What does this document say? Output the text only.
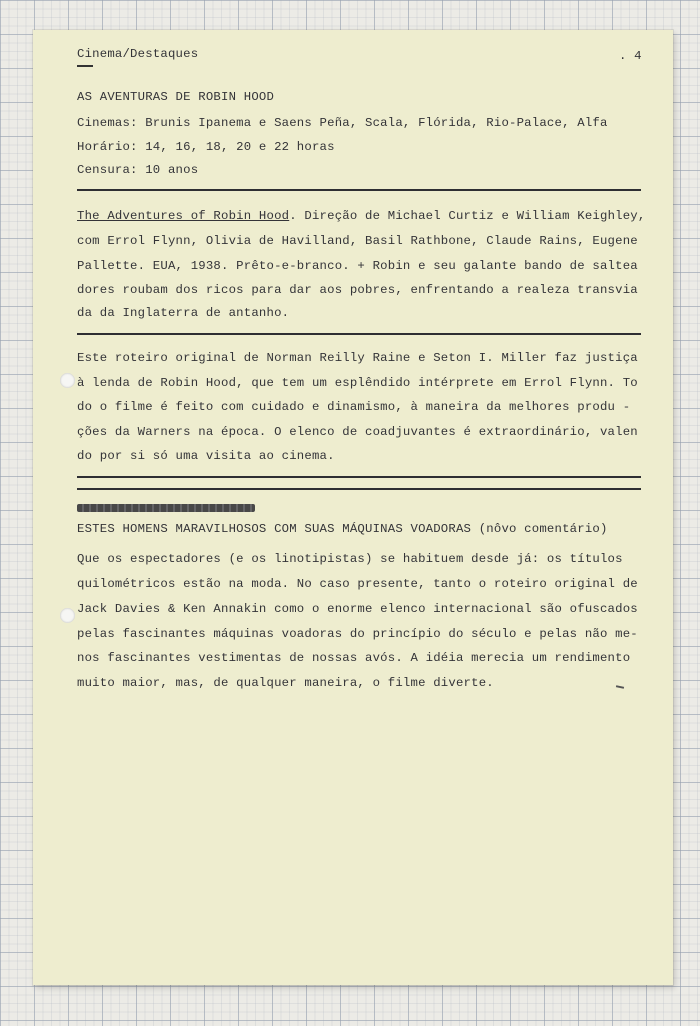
Cinema/Destaques	. 4
AS AVENTURAS DE ROBIN HOOD
Cinemas: Brunis Ipanema e Saens Peña, Scala, Flórida, Rio-Palace, Alfa
Horário: 14, 16, 18, 20 e 22 horas
Censura: 10 anos
The Adventures of Robin Hood. Direção de Michael Curtiz e William Keighley,
com Errol Flynn, Olivia de Havilland, Basil Rathbone, Claude Rains, Eugene
Pallette. EUA, 1938. Prêto-e-branco. + Robin e seu galante bando de saltea
dores roubam dos ricos para dar aos pobres, enfrentando a realeza transvia
da da Inglaterra de antanho.
Este roteiro original de Norman Reilly Raine e Seton I. Miller faz justiça
à lenda de Robin Hood, que tem um esplêndido intérprete em Errol Flynn. To
do o filme é feito com cuidado e dinamismo, à maneira da melhores produ -
ções da Warners na época. O elenco de coadjuvantes é extraordinário, valen
do por si só uma visita ao cinema.
ESTES HOMENS MARAVILHOSOS COM SUAS MÁQUINAS VOADORAS (nôvo comentário)
Que os espectadores (e os linotipistas) se habituem desde já: os títulos
quilométricos estão na moda. No caso presente, tanto o roteiro original de
Jack Davies & Ken Annakin como o enorme elenco internacional são ofuscados
pelas fascinantes máquinas voadoras do princípio do século e pelas não me-
nos fascinantes vestimentas de nossas avós. A idéia merecia um rendimento
muito maior, mas, de qualquer maneira, o filme diverte.
